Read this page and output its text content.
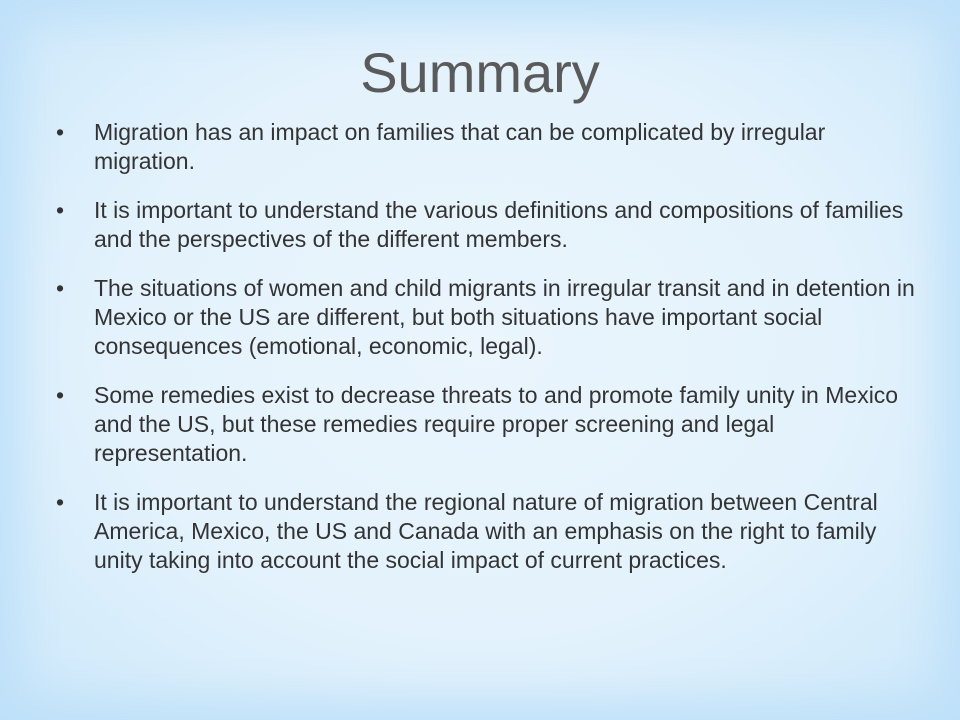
Summary
•	Migration has an impact on families that can be complicated by irregular migration.
•	It is important to understand the various definitions and compositions of families and the perspectives of the different members.
•	The situations of women and child migrants in irregular transit and in detention in Mexico or the US are different, but both situations have important social consequences (emotional, economic, legal).
•	Some remedies exist to decrease threats to and promote family unity in Mexico and the US, but these remedies require proper screening and legal representation.
•	It is important to understand the regional nature of migration between Central America, Mexico, the US and Canada with an emphasis on the right to family unity taking into account the social impact of current practices.
